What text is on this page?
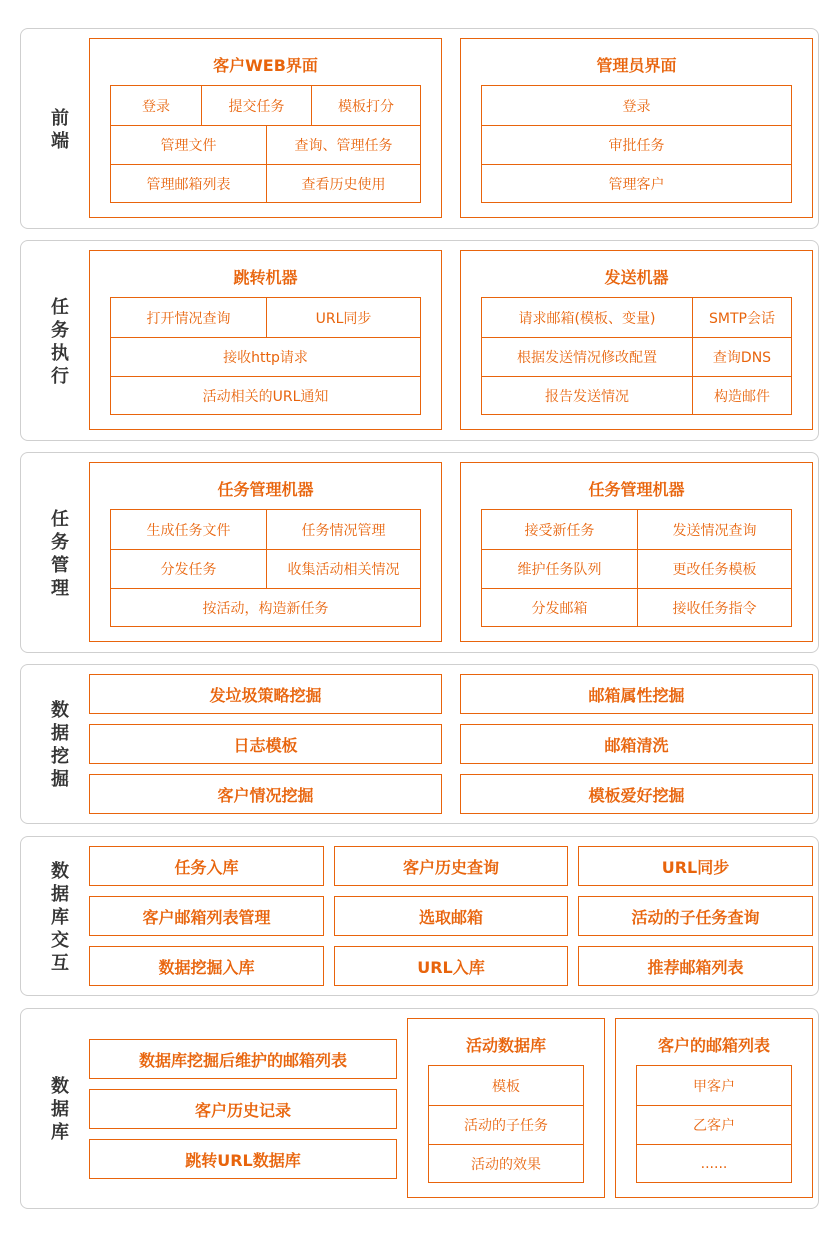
前
端
客户WEB界面
登录	提交任务	模板打分
管理文件	查询、管理任务
管理邮箱列表	查看历史使用
管理员界面
登录
审批任务
管理客户
任
务
执
行
跳转机器
打开情况查询	URL同步
接收http请求
活动相关的URL通知
发送机器
请求邮箱(模板、变量)	SMTP会话
根据发送情况修改配置	查询DNS
报告发送情况	构造邮件
任
务
管
理
任务管理机器
生成任务文件	任务情况管理
分发任务	收集活动相关情况
按活动，构造新任务
任务管理机器
接受新任务	发送情况查询
维护任务队列	更改任务模板
分发邮箱	接收任务指令
数
据
挖
掘
发垃圾策略挖掘	邮箱属性挖掘
日志模板	邮箱清洗
客户情况挖掘	模板爱好挖掘
数
据
库
交
互
任务入库	客户历史查询	URL同步
客户邮箱列表管理	选取邮箱	活动的子任务查询
数据挖掘入库	URL入库	推荐邮箱列表
数
据
库
数据库挖掘后维护的邮箱列表
客户历史记录
跳转URL数据库
活动数据库
模板
活动的子任务
活动的效果
客户的邮箱列表
甲客户
乙客户
......
